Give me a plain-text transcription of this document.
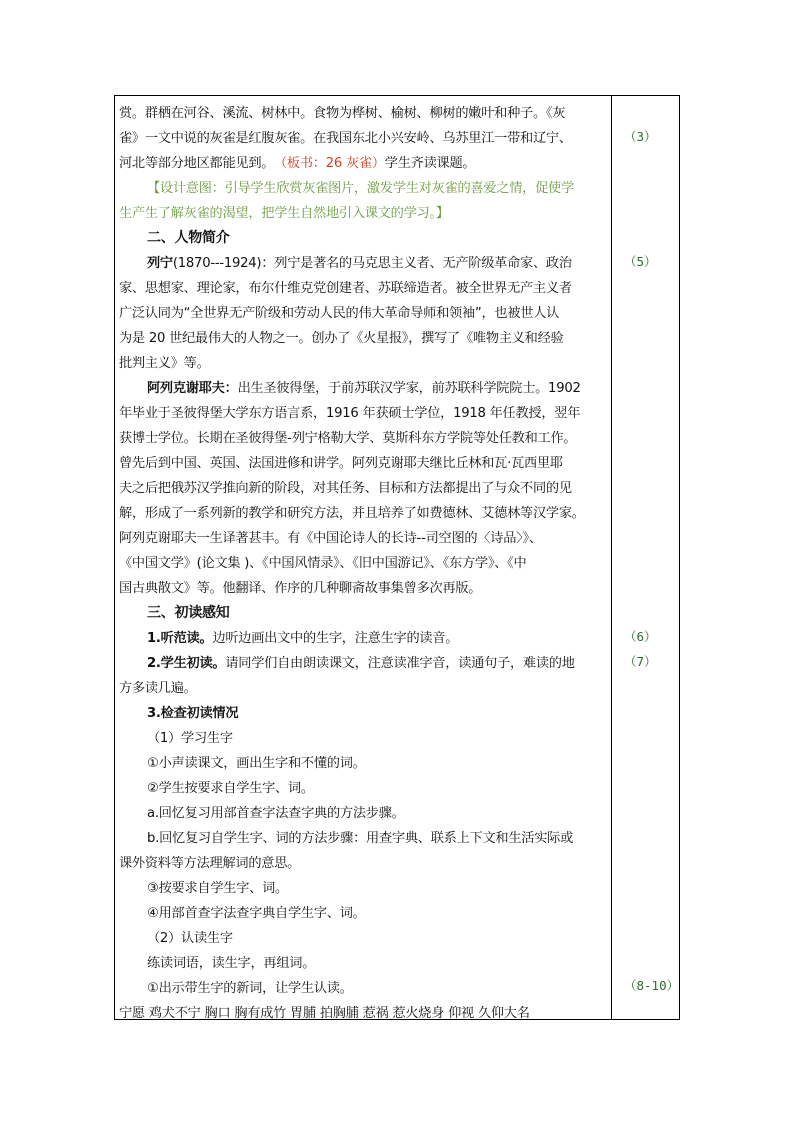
赏。群栖在河谷、溪流、树林中。食物为桦树、榆树、柳树的嫩叶和种子。《灰
雀》一文中说的灰雀是红腹灰雀。在我国东北小兴安岭、乌苏里江一带和辽宁、
河北等部分地区都能见到。　（板书：26 灰雀）学生齐读课题。
【设计意图：引导学生欣赏灰雀图片，激发学生对灰雀的喜爱之情，促使学
生产生了解灰雀的渴望，把学生自然地引入课文的学习。】
二、人物简介
列宁(1870---1924)：列宁是著名的马克思主义者、无产阶级革命家、政治
家、思想家、理论家，布尔什维克党创建者、苏联缔造者。被全世界无产主义者
广泛认同为“全世界无产阶级和劳动人民的伟大革命导师和领袖”，也被世人认
为是 20 世纪最伟大的人物之一。创办了《火星报》，撰写了《唯物主义和经验
批判主义》等。
阿列克谢耶夫：出生圣彼得堡，于前苏联汉学家，前苏联科学院院士。1902
年毕业于圣彼得堡大学东方语言系，1916 年获硕士学位，1918 年任教授，翌年
获博士学位。长期在圣彼得堡-列宁格勒大学、莫斯科东方学院等处任教和工作。
曾先后到中国、英国、法国进修和讲学。阿列克谢耶夫继比丘林和瓦·瓦西里耶
夫之后把俄苏汉学推向新的阶段，对其任务、目标和方法都提出了与众不同的见
解，形成了一系列新的教学和研究方法，并且培养了如费德林、艾德林等汉学家。
阿列克谢耶夫一生译著甚丰。有《中国论诗人的长诗--司空图的〈诗品〉》、
《中国文学》(论文集 )、《中国风情录》、《旧中国游记》、《东方学》、《中
国古典散文》等。他翻译、作序的几种聊斋故事集曾多次再版。
三、初读感知
1.听范读。边听边画出文中的生字，注意生字的读音。
2.学生初读。请同学们自由朗读课文，注意读准字音，读通句子，难读的地
方多读几遍。
3.检查初读情况
（1）学习生字
①小声读课文，画出生字和不懂的词。
②学生按要求自学生字、词。
a.回忆复习用部首查字法查字典的方法步骤。
b.回忆复习自学生字、词的方法步骤：用查字典、联系上下文和生活实际或
课外资料等方法理解词的意思。
③按要求自学生字、词。
④用部首查字法查字典自学生字、词。
（2）认读生字
练读词语，读生字，再组词。
①出示带生字的新词，让学生认读。
宁愿 鸡犬不宁 胸口 胸有成竹 胃脯 拍胸脯 惹祸 惹火烧身 仰视 久仰大名
（3）
（5）
（6）
（7）
（8-10）
